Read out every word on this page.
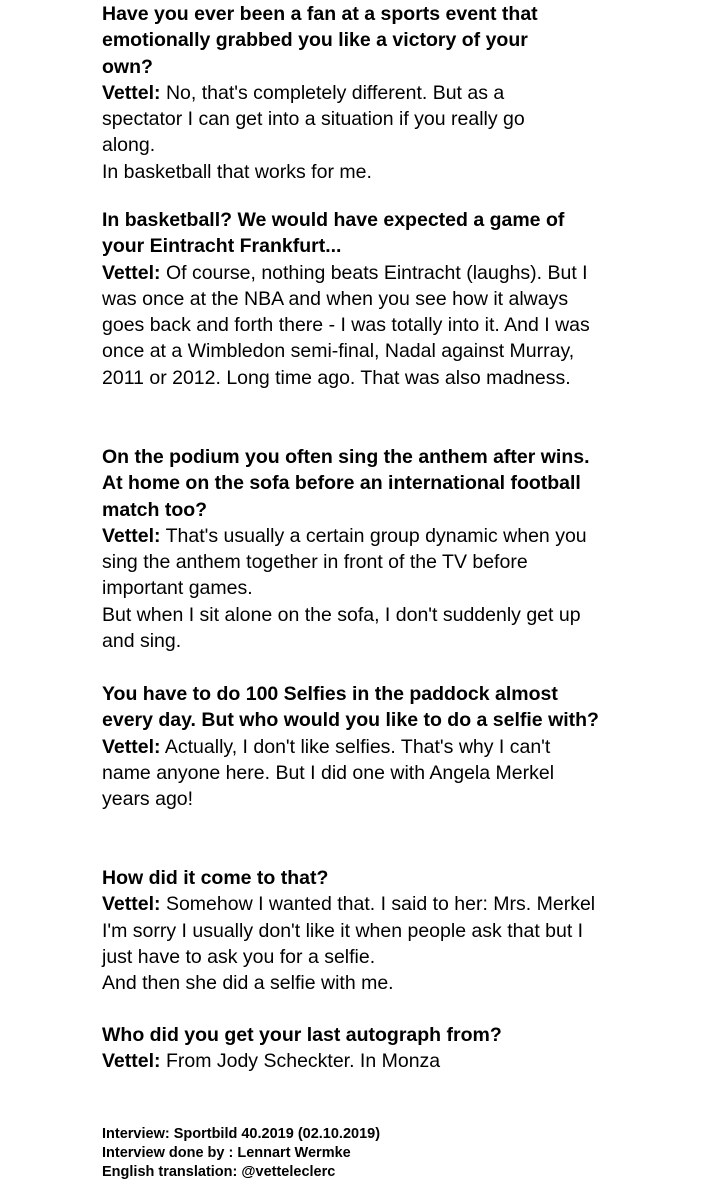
Have you ever been a fan at a sports event that emotionally grabbed you like a victory of your own?

Vettel: No, that's completely different. But as a spectator I can get into a situation if you really go along.
In basketball that works for me.

In basketball? We would have expected a game of your Eintracht Frankfurt...

Vettel: Of course, nothing beats Eintracht (laughs). But I was once at the NBA and when you see how it always goes back and forth there - I was totally into it. And I was once at a Wimbledon semi-final, Nadal against Murray, 2011 or 2012. Long time ago. That was also madness.

On the podium you often sing the anthem after wins. At home on the sofa before an international football match too?

Vettel: That's usually a certain group dynamic when you sing the anthem together in front of the TV before important games.
But when I sit alone on the sofa, I don't suddenly get up and sing.

You have to do 100 Selfies in the paddock almost every day. But who would you like to do a selfie with?

Vettel: Actually, I don't like selfies. That's why I can't name anyone here. But I did one with Angela Merkel years ago!

How did it come to that?

Vettel: Somehow I wanted that. I said to her: Mrs. Merkel I'm sorry I usually don't like it when people ask that but I just have to ask you for a selfie.
And then she did a selfie with me.

Who did you get your last autograph from?

Vettel: From Jody Scheckter. In Monza

Interview: Sportbild 40.2019 (02.10.2019)
Interview done by : Lennart Wermke
English translation: @vetteleclerc
